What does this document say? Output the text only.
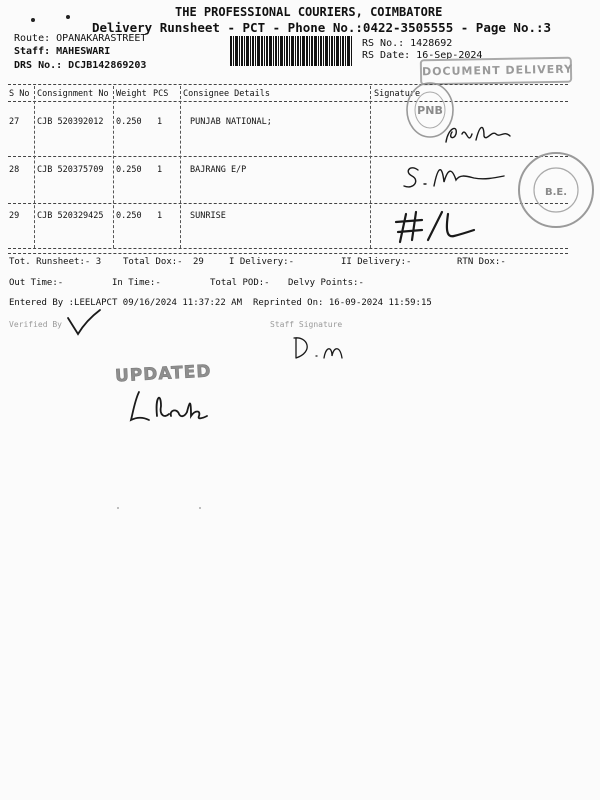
THE PROFESSIONAL COURIERS, COIMBATORE
Delivery Runsheet - PCT - Phone No.:0422-3505555 - Page No.:3
Route: OPANAKARASTREET
Staff: MAHESWARI
DRS No.: DCJB142869203
RS No.: 1428692
RS Date: 16-Sep-2024
DOCUMENT DELIVERY
S No Consignment No Weight PCS Consignee Details	Signature
27 CJB 520392012 0.250 1	PUNJAB NATIONAL;
28 CJB 520375709 0.250 1	BAJRANG E/P
29 CJB 520329425 0.250 1	SUNRISE
PNB
B.E.
Tot. Runsheet:- 3 Total Dox:- 29	I Delivery:-	II Delivery:-	RTN Dox:-
Out Time:-	In Time:-	Total POD:- Delvy Points:-
Entered By :LEELAPCT 09/16/2024 11:37:22 AM Reprinted On: 16-09-2024 11:59:15
Verified By	Staff Signature
UPDATED
